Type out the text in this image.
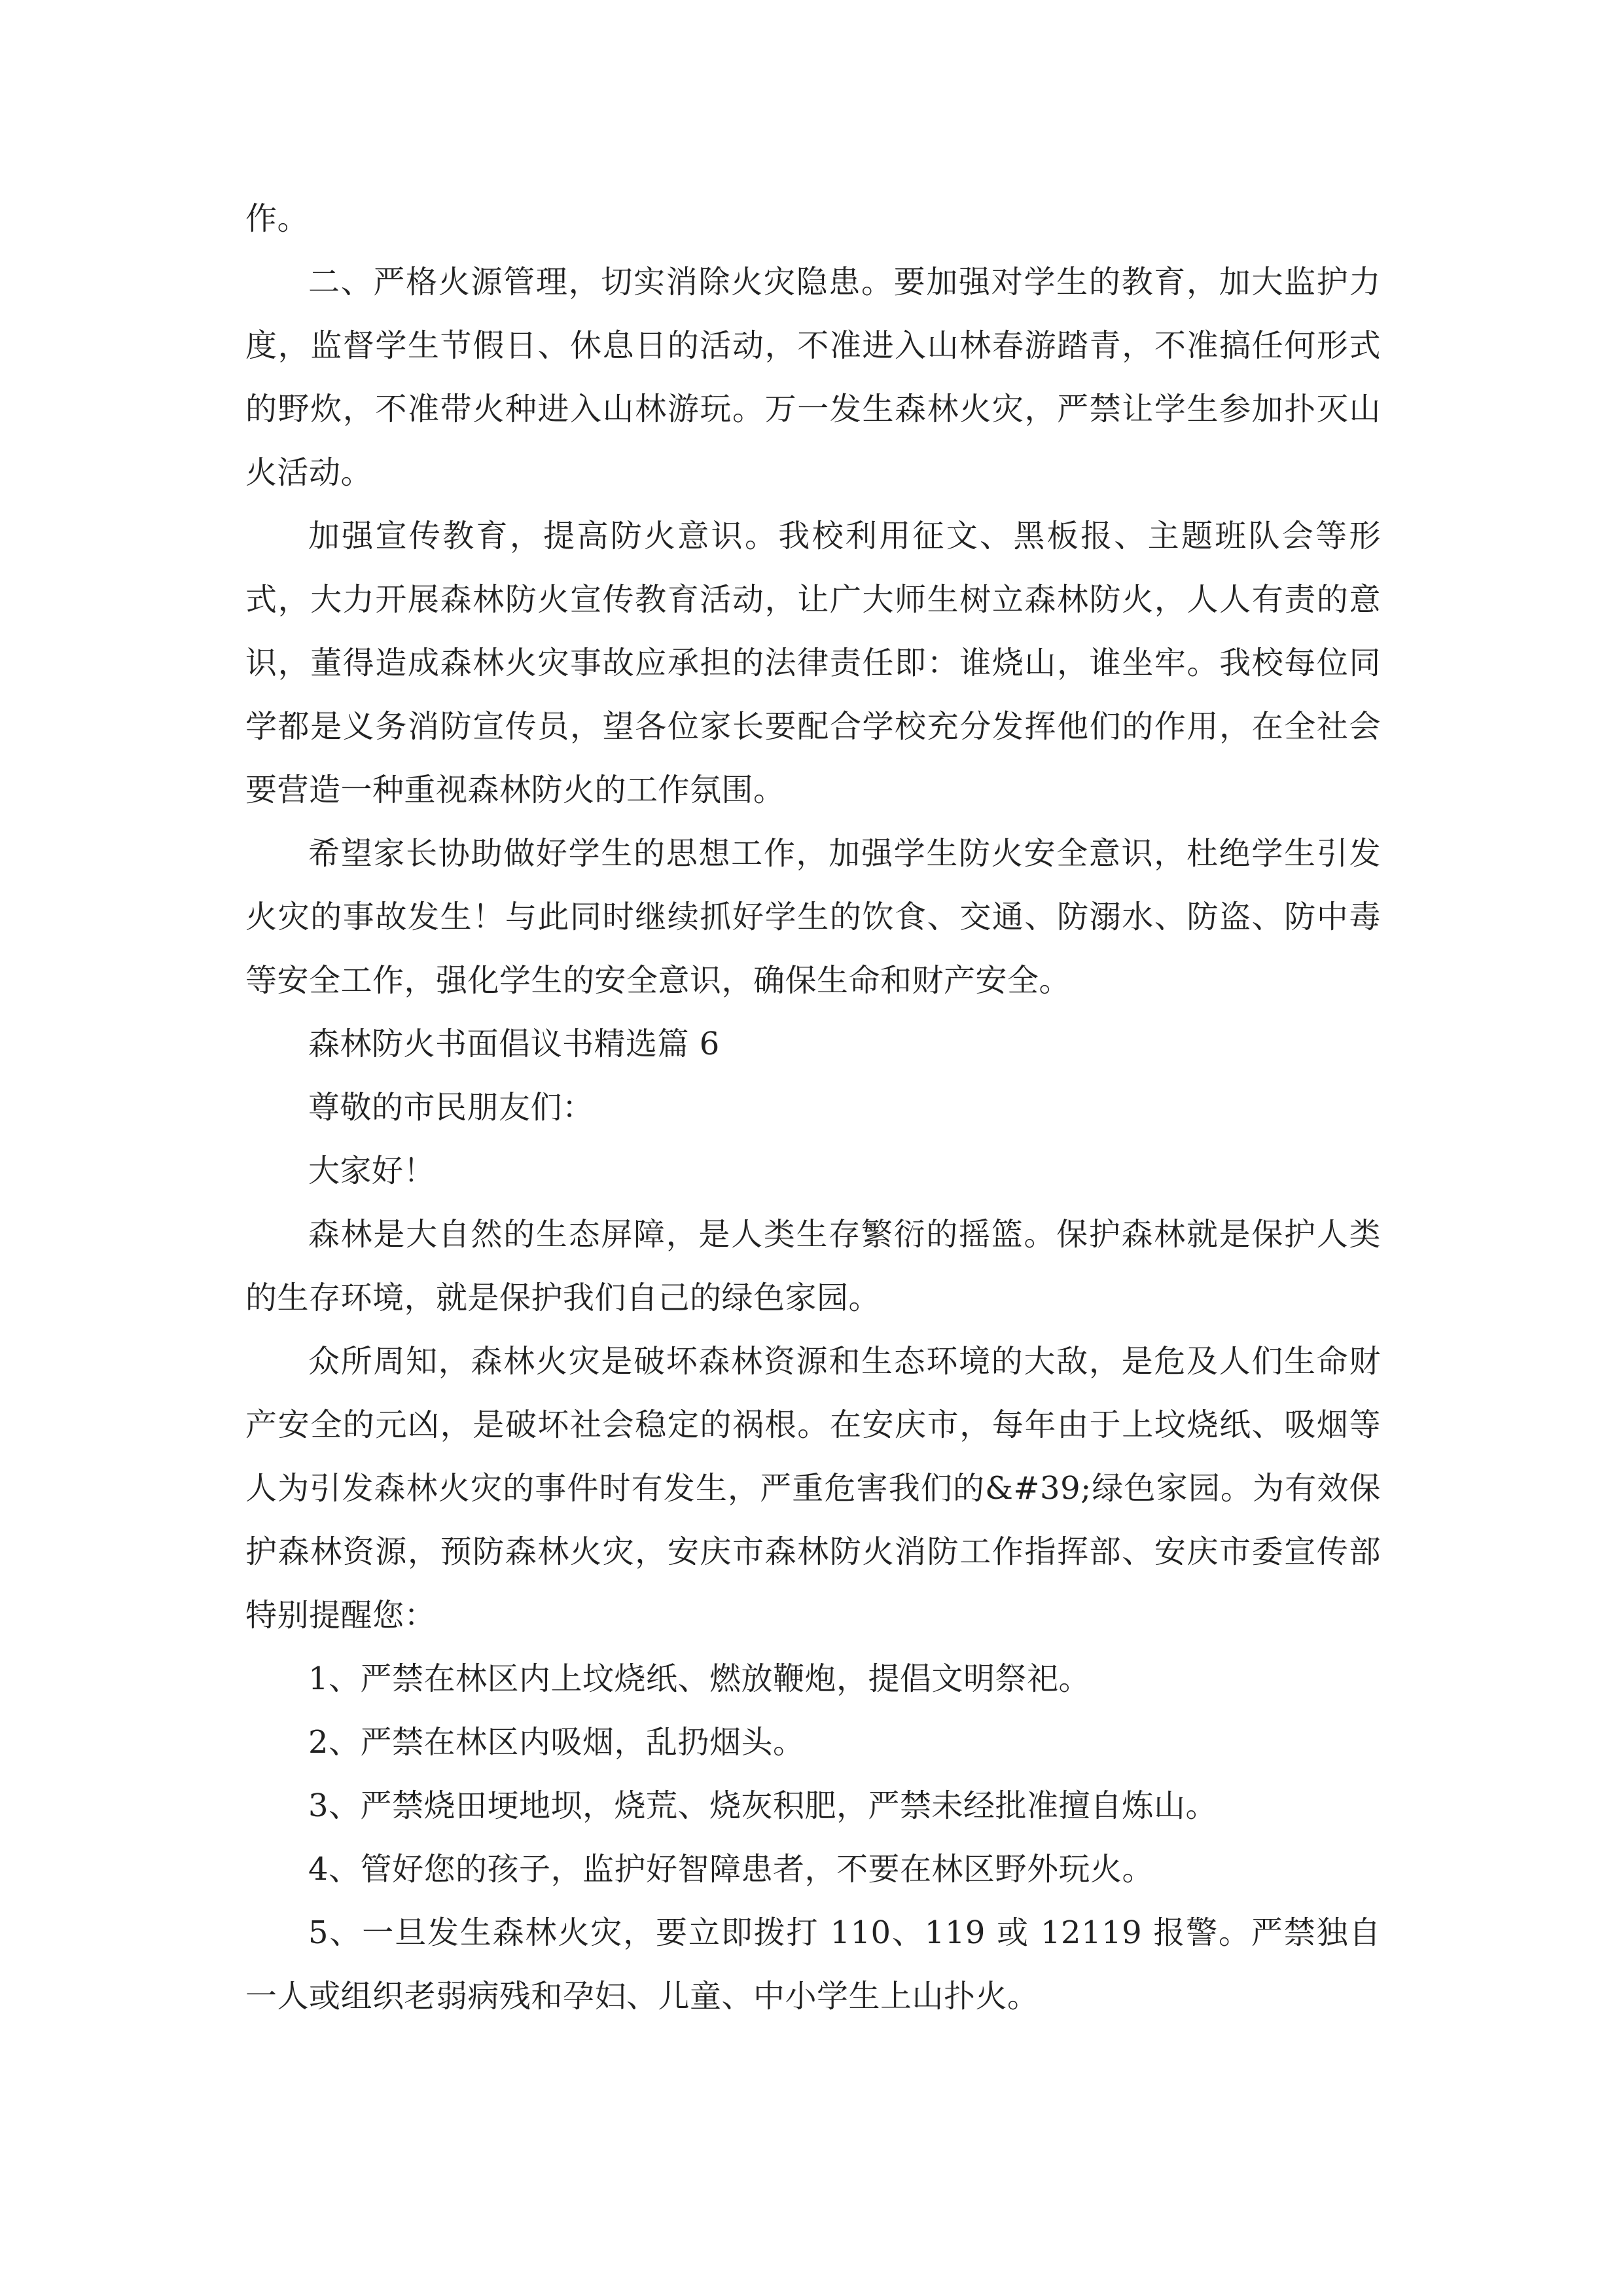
作。

二、严格火源管理，切实消除火灾隐患。要加强对学生的教育，加大监护力度，监督学生节假日、休息日的活动，不准进入山林春游踏青，不准搞任何形式的野炊，不准带火种进入山林游玩。万一发生森林火灾，严禁让学生参加扑灭山火活动。

加强宣传教育，提高防火意识。我校利用征文、黑板报、主题班队会等形式，大力开展森林防火宣传教育活动，让广大师生树立森林防火，人人有责的意识，董得造成森林火灾事故应承担的法律责任即：谁烧山，谁坐牢。我校每位同学都是义务消防宣传员，望各位家长要配合学校充分发挥他们的作用，在全社会要营造一种重视森林防火的工作氛围。

希望家长协助做好学生的思想工作，加强学生防火安全意识，杜绝学生引发火灾的事故发生！与此同时继续抓好学生的饮食、交通、防溺水、防盗、防中毒等安全工作，强化学生的安全意识，确保生命和财产安全。

森林防火书面倡议书精选篇 6

尊敬的市民朋友们：

大家好！

森林是大自然的生态屏障，是人类生存繁衍的摇篮。保护森林就是保护人类的生存环境，就是保护我们自己的绿色家园。

众所周知，森林火灾是破坏森林资源和生态环境的大敌，是危及人们生命财产安全的元凶，是破坏社会稳定的祸根。在安庆市，每年由于上坟烧纸、吸烟等人为引发森林火灾的事件时有发生，严重危害我们的&#39;绿色家园。为有效保护森林资源，预防森林火灾，安庆市森林防火消防工作指挥部、安庆市委宣传部特别提醒您：

1、严禁在林区内上坟烧纸、燃放鞭炮，提倡文明祭祀。

2、严禁在林区内吸烟，乱扔烟头。

3、严禁烧田埂地坝，烧荒、烧灰积肥，严禁未经批准擅自炼山。

4、管好您的孩子，监护好智障患者，不要在林区野外玩火。

5、一旦发生森林火灾，要立即拨打 110、119 或 12119 报警。严禁独自一人或组织老弱病残和孕妇、儿童、中小学生上山扑火。
